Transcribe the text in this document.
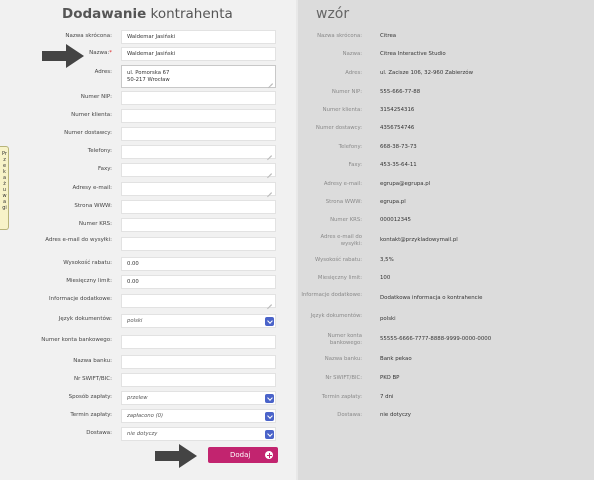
Dodawanie kontrahenta
Nazwa skrócona:	Waldemar Jasiński
Nazwa:*	Waldemar Jasiński
Adres:	ul. Pomorska 67
50-217 Wrocław
Numer NIP:
Numer klienta:
Numer dostawcy:
Telefony:
Faxy:
Adresy e-mail:
Strona WWW:
Numer KRS:
Adres e-mail do wysyłki:
Wysokość rabatu:	0.00
Miesięczny limit:	0.00
Informacje dodatkowe:
Język dokumentów:	polski
Numer konta bankowego:
Nazwa banku:
Nr SWIFT/BIC:
Sposób zapłaty:	przelew
Termin zapłaty:	zapłacono (0)
Dostawa:	nie dotyczy
Dodaj
Przekaż uwagi
wzór
Nazwa skrócona:	Citrea
Nazwa:	Citrea Interactive Studio
Adres:	ul. Zacisze 106, 32-960 Zabierzów
Numer NIP:	555-666-77-88
Numer klienta:	3154254316
Numer dostawcy:	4356754746
Telefony:	668-38-73-73
Faxy:	453-35-64-11
Adresy e-mail:	egrupa@egrupa.pl
Strona WWW:	egrupa.pl
Numer KRS:	000012345
Adres e-mail do wysyłki:
kontakt@przykladowymail.pl
Wysokość rabatu:	3,5%
Miesięczny limit:	100
Informacje dodatkowe:	Dodatkowa informacja o kontrahencie
Język dokumentów:	polski
Numer konta bankowego:
55555-6666-7777-8888-9999-0000-0000
Nazwa banku:	Bank pekao
Nr SWIFT/BIC:	PKO BP
Termin zapłaty:	7 dni
Dostawa:	nie dotyczy
